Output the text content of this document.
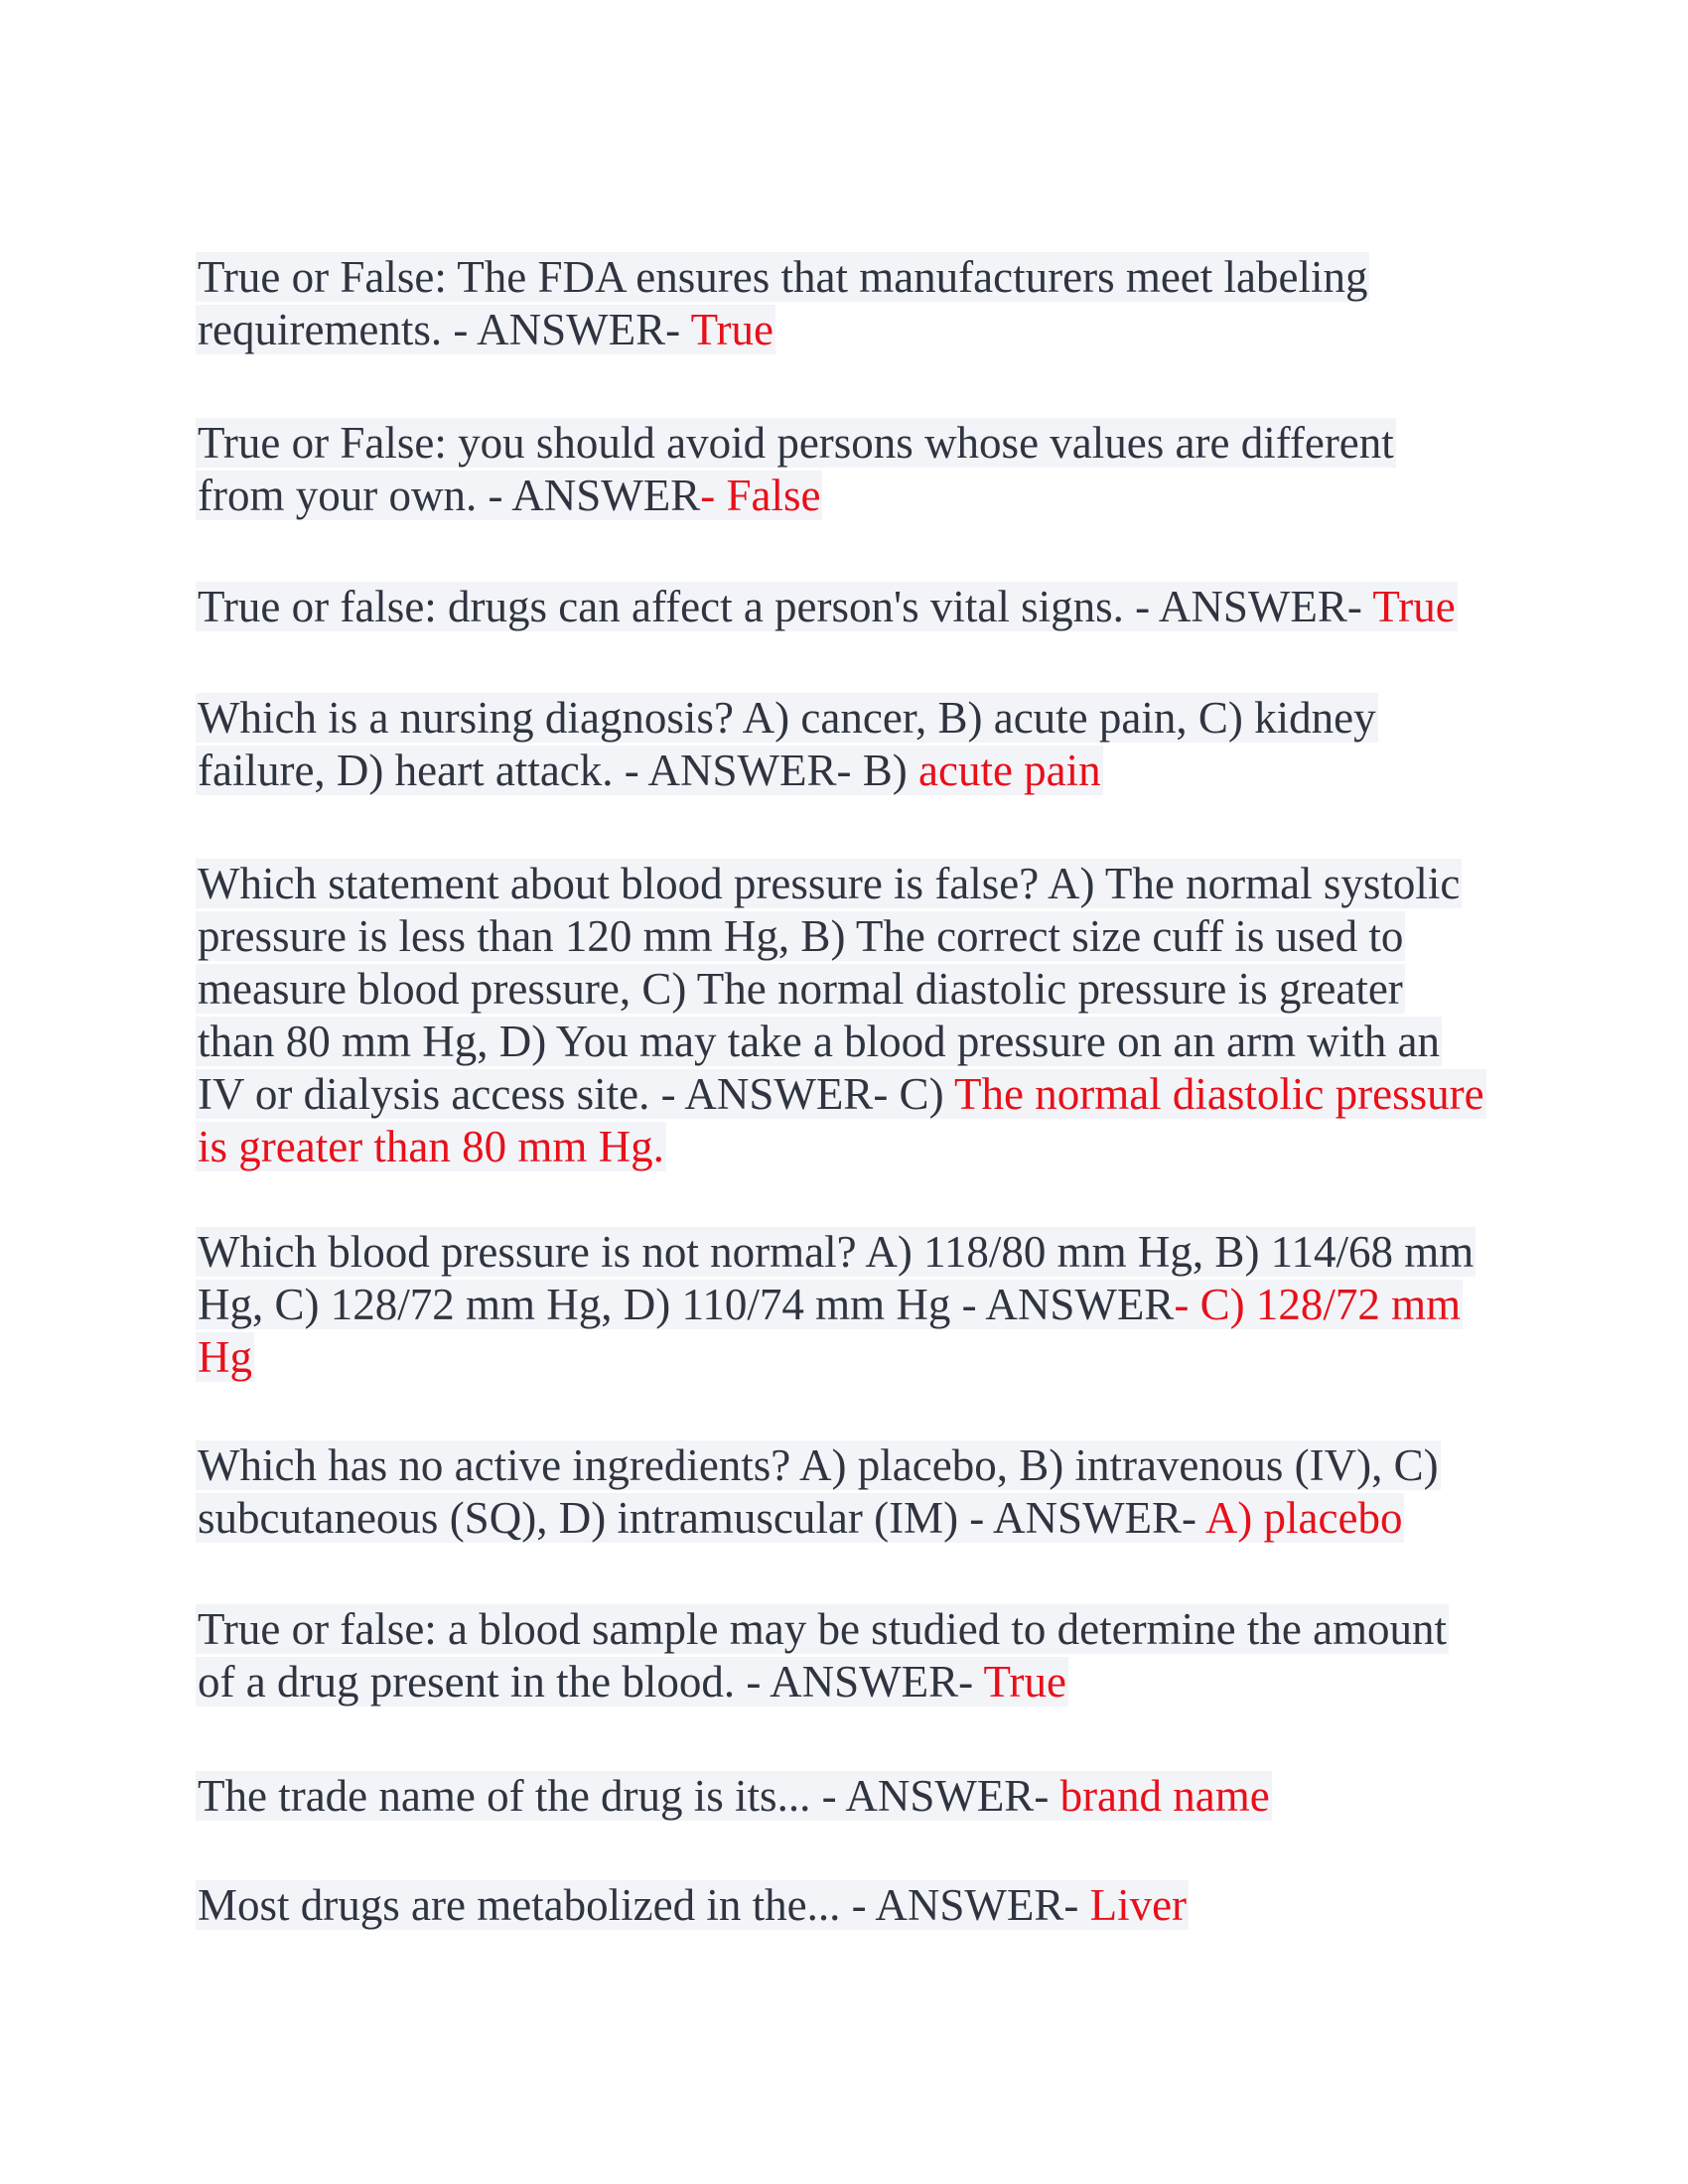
True or False: The FDA ensures that manufacturers meet labeling requirements. - ANSWER- True
True or False: you should avoid persons whose values are different from your own. - ANSWER- False
True or false: drugs can affect a person's vital signs. - ANSWER- True
Which is a nursing diagnosis? A) cancer, B) acute pain, C) kidney failure, D) heart attack. - ANSWER- B) acute pain
Which statement about blood pressure is false? A) The normal systolic pressure is less than 120 mm Hg, B) The correct size cuff is used to measure blood pressure, C) The normal diastolic pressure is greater than 80 mm Hg, D) You may take a blood pressure on an arm with an IV or dialysis access site. - ANSWER- C) The normal diastolic pressure is greater than 80 mm Hg.
Which blood pressure is not normal? A) 118/80 mm Hg, B) 114/68 mm Hg, C) 128/72 mm Hg, D) 110/74 mm Hg - ANSWER- C) 128/72 mm Hg
Which has no active ingredients? A) placebo, B) intravenous (IV), C) subcutaneous (SQ), D) intramuscular (IM) - ANSWER- A) placebo
True or false: a blood sample may be studied to determine the amount of a drug present in the blood. - ANSWER- True
The trade name of the drug is its... - ANSWER- brand name
Most drugs are metabolized in the... - ANSWER- Liver
